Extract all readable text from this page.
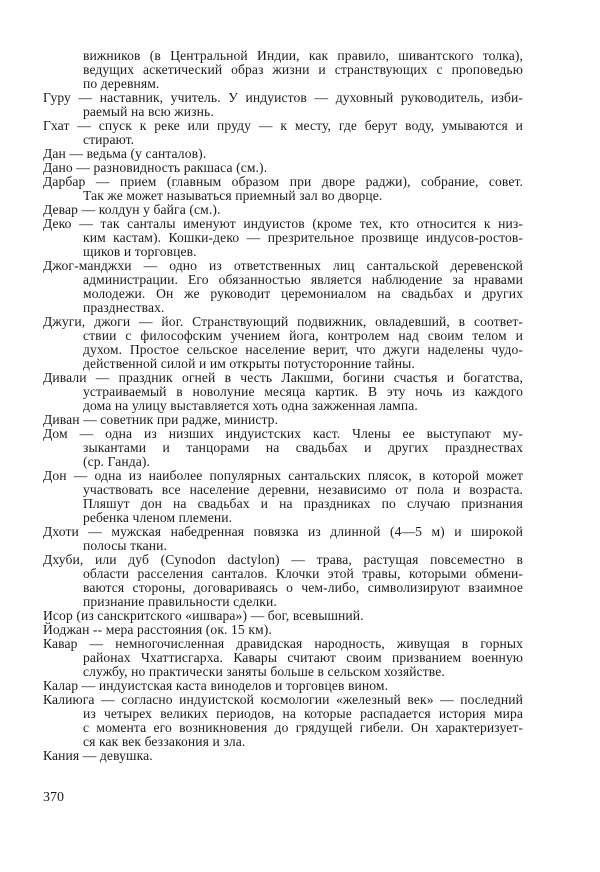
вижников (в Центральной Индии, как правило, шивантского толка),
ведущих аскетический образ жизни и странствующих с проповедью
по деревням.
Гуру — наставник, учитель. У индуистов — духовный руководитель, изби-
раемый на всю жизнь.
Гхат — спуск к реке или пруду — к месту, где берут воду, умываются и
стирают.
Дан — ведьма (у санталов).
Дано — разновидность ракшаса (см.).
Дарбар — прием (главным образом при дворе раджи), собрание, совет.
Так же может называться приемный зал во дворце.
Девар — колдун у байга (см.).
Деко — так санталы именуют индуистов (кроме тех, кто относится к низ-
ким кастам). Кошки-деко — презрительное прозвище индусов-ростов-
щиков и торговцев.
Джог-манджхи — одно из ответственных лиц сантальской деревенской
администрации. Его обязанностью является наблюдение за нравами
молодежи. Он же руководит церемониалом на свадьбах и других
празднествах.
Джуги, джоги — йог. Странствующий подвижник, овладевший, в соответ-
ствии с философским учением йога, контролем над своим телом и
духом. Простое сельское население верит, что джуги наделены чудо-
действенной силой и им открыты потусторонние тайны.
Дивали — праздник огней в честь Лакшми, богини счастья и богатства,
устраиваемый в новолуние месяца картик. В эту ночь из каждого
дома на улицу выставляется хоть одна зажженная лампа.
Диван — советник при радже, министр.
Дом — одна из низших индуистских каст. Члены ее выступают му-
зыкантами и танцорами на свадьбах и других празднествах
(ср. Ганда).
Дон — одна из наиболее популярных сантальских плясок, в которой может
участвовать все население деревни, независимо от пола и возраста.
Пляшут дон на свадьбах и на праздниках по случаю признания
ребенка членом племени.
Дхоти — мужская набедренная повязка из длинной (4—5 м) и широкой
полосы ткани.
Дхуби, или дуб (Cynodon dactylon) — трава, растущая повсеместно в
области расселения санталов. Клочки этой травы, которыми обмени-
ваются стороны, договариваясь о чем-либо, символизируют взаимное
признание правильности сделки.
Исор (из санскритского «ишвара») — бог, всевышний.
Йоджан -- мера расстояния (ок. 15 км).
Кавар — немногочисленная дравидская народность, живущая в горных
районах Чхаттисгарха. Кавары считают своим призванием военную
службу, но практически заняты больше в сельском хозяйстве.
Калар — индуистская каста виноделов и торговцев вином.
Калиюга — согласно индуистской космологии «железный век» — последний
из четырех великих периодов, на которые распадается история мира
с момента его возникновения до грядущей гибели. Он характеризует-
ся как век беззакония и зла.
Кания — девушка.
370
